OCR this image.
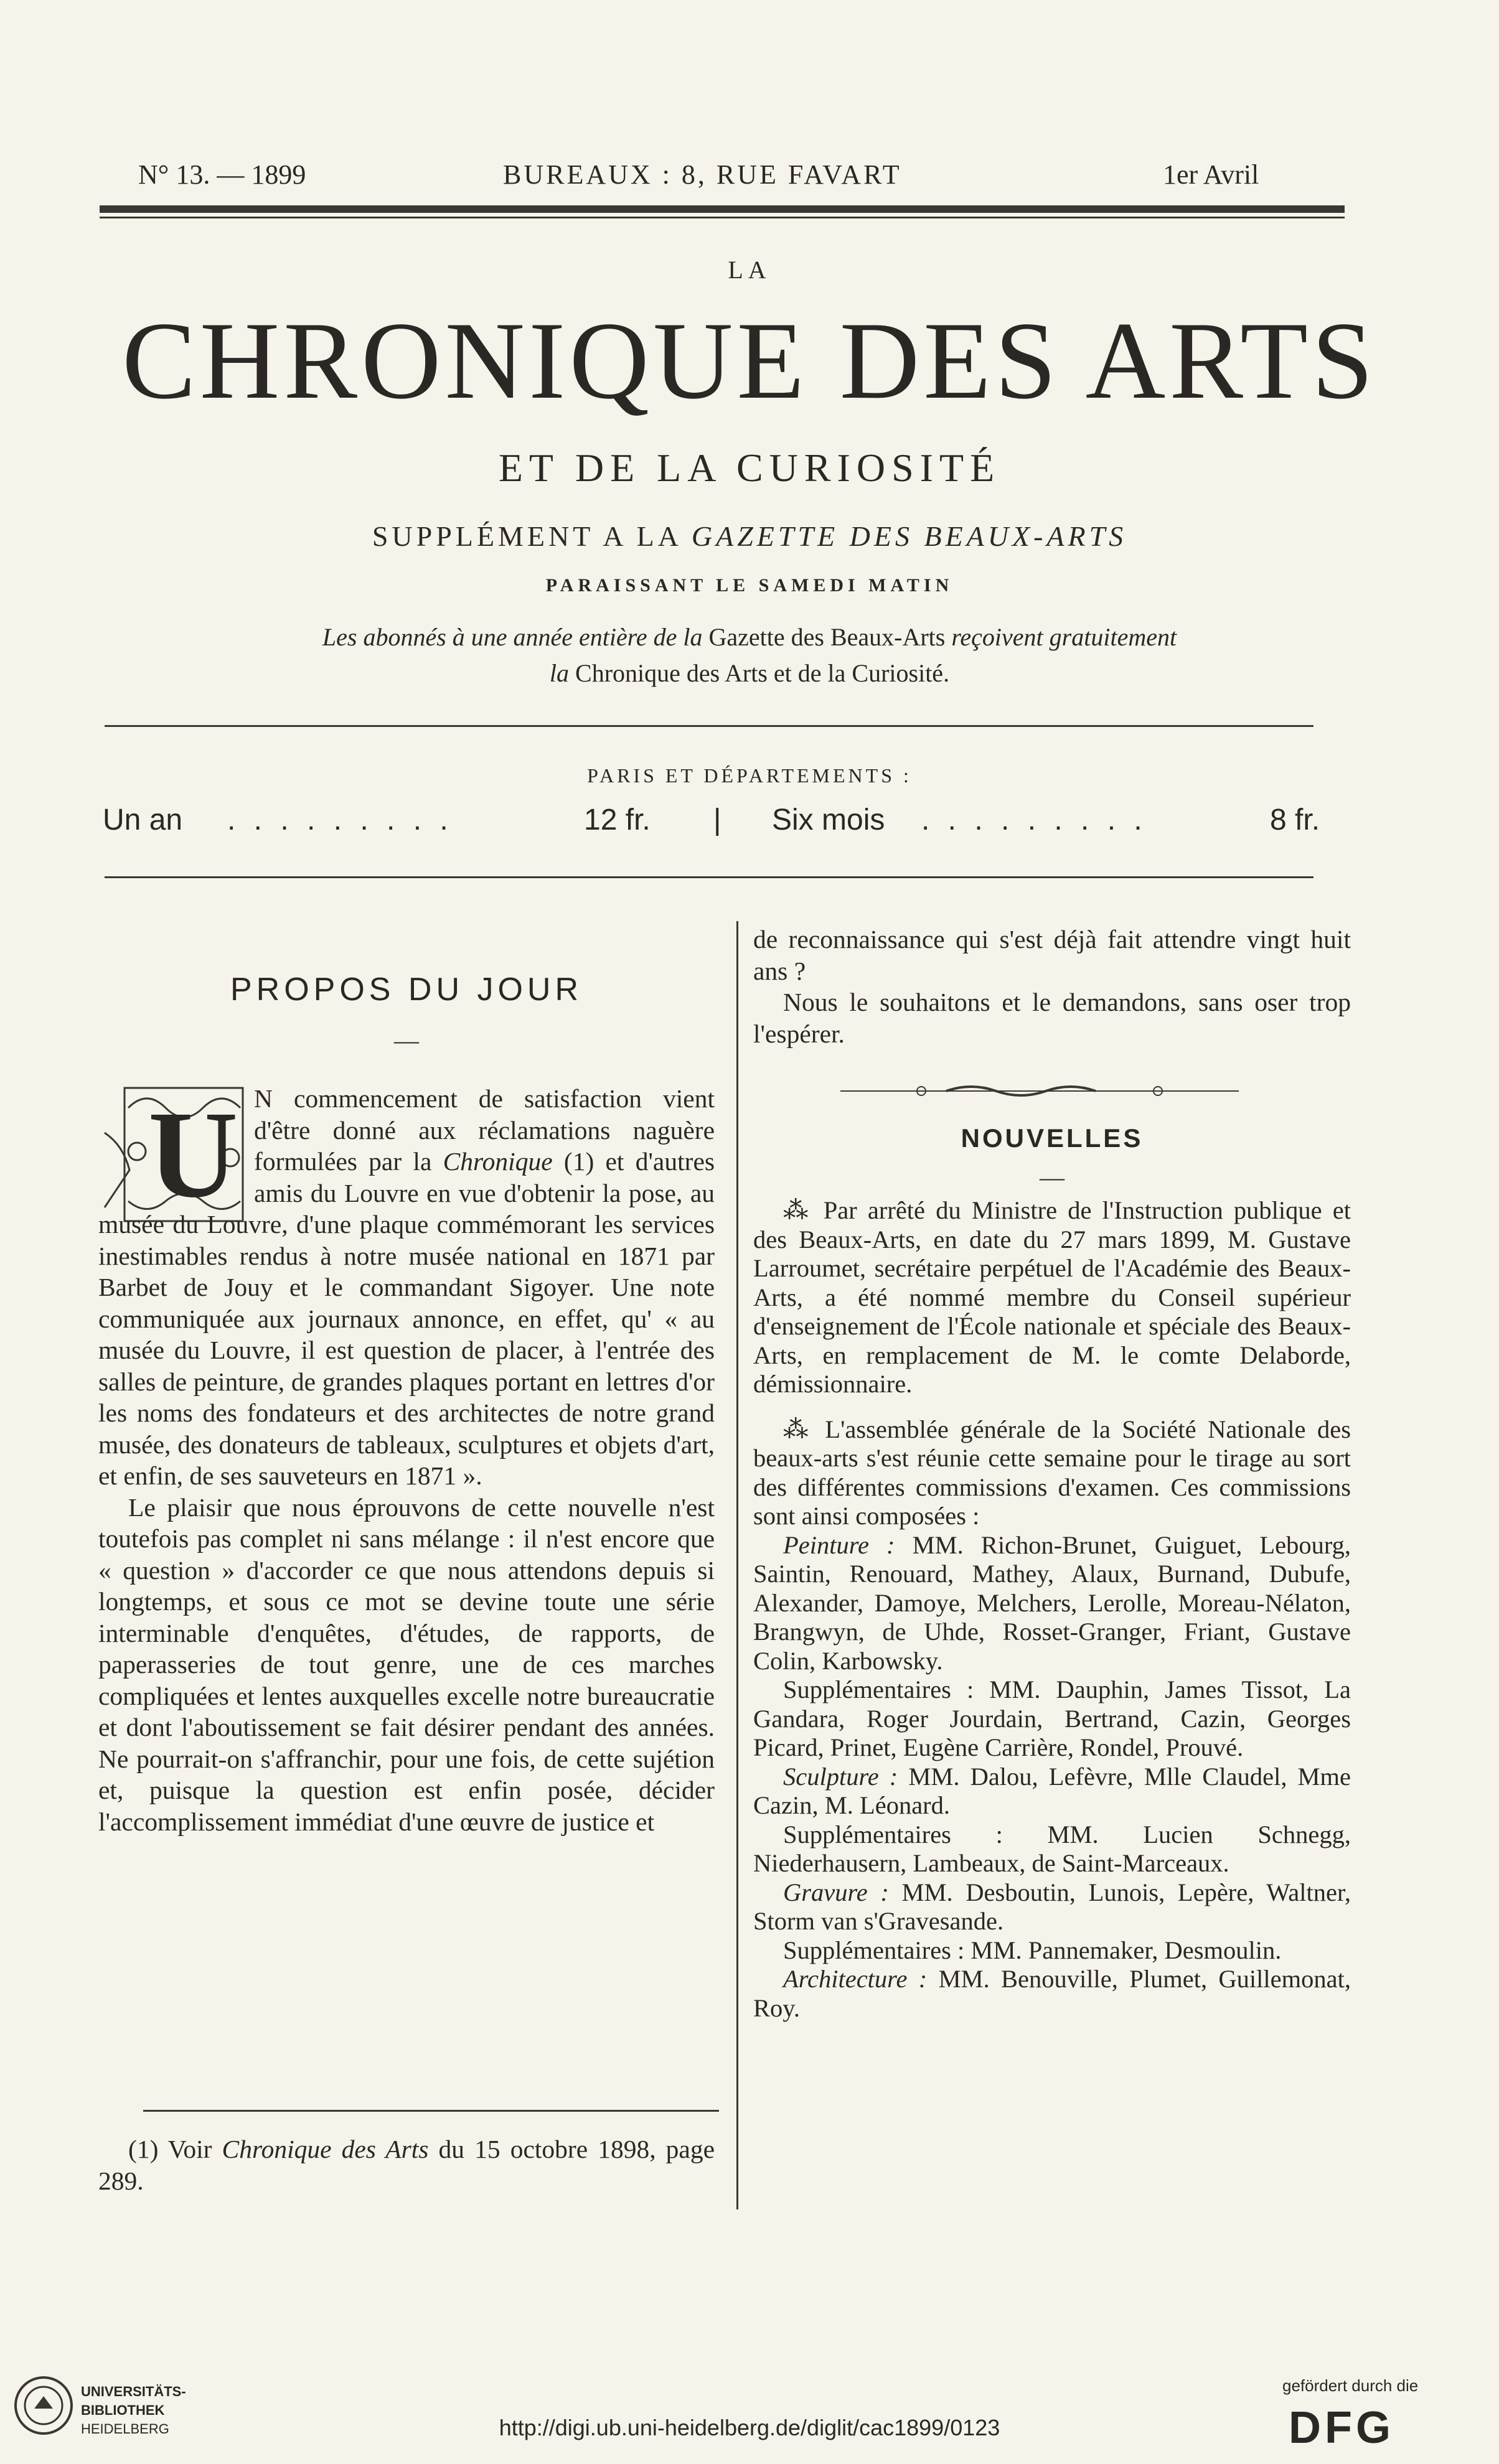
N° 13. — 1899	BUREAUX : 8, RUE FAVART	1er Avril
LA
CHRONIQUE DES ARTS
ET DE LA CURIOSITÉ
SUPPLÉMENT A LA GAZETTE DES BEAUX-ARTS
PARAISSANT LE SAMEDI MATIN
Les abonnés à une année entière de la Gazette des Beaux-Arts reçoivent gratuitement
la Chronique des Arts et de la Curiosité.
PARIS ET DÉPARTEMENTS :
Un an . . . . . . . . .	12 fr. | Six mois . . . . . . . . .	8 fr.
PROPOS DU JOUR
—
U N commencement de satisfaction vient d'être donné aux réclamations naguère formulées par la Chronique (1) et d'autres amis du Louvre en vue d'obtenir la pose, au musée du Louvre, d'une plaque commémorant les services inestimables rendus à notre musée national en 1871 par Barbet de Jouy et le commandant Sigoyer. Une note communiquée aux journaux annonce, en effet, qu' « au musée du Louvre, il est question de placer, à l'entrée des salles de peinture, de grandes plaques portant en lettres d'or les noms des fondateurs et des architectes de notre grand musée, des donateurs de tableaux, sculptures et objets d'art, et enfin, de ses sauveteurs en 1871 ».

Le plaisir que nous éprouvons de cette nouvelle n'est toutefois pas complet ni sans mélange : il n'est encore que « question » d'accorder ce que nous attendons depuis si longtemps, et sous ce mot se devine toute une série interminable d'enquêtes, d'études, de rapports, de paperasseries de tout genre, une de ces marches compliquées et lentes auxquelles excelle notre bureaucratie et dont l'aboutissement se fait désirer pendant des années. Ne pourrait-on s'affranchir, pour une fois, de cette sujétion et, puisque la question est enfin posée, décider l'accomplissement immédiat d'une œuvre de justice et

(1) Voir Chronique des Arts du 15 octobre 1898, page 289.

de reconnaissance qui s'est déjà fait attendre vingt huit ans ?

Nous le souhaitons et le demandons, sans oser trop l'espérer.

NOUVELLES
—

⁂ Par arrêté du Ministre de l'Instruction publique et des Beaux-Arts, en date du 27 mars 1899, M. Gustave Larroumet, secrétaire perpétuel de l'Académie des Beaux-Arts, a été nommé membre du Conseil supérieur d'enseignement de l'École nationale et spéciale des Beaux-Arts, en remplacement de M. le comte Delaborde, démissionnaire.

⁂ L'assemblée générale de la Société Nationale des beaux-arts s'est réunie cette semaine pour le tirage au sort des différentes commissions d'examen. Ces commissions sont ainsi composées :

Peinture : MM. Richon-Brunet, Guiguet, Lebourg, Saintin, Renouard, Mathey, Alaux, Burnand, Dubufe, Alexander, Damoye, Melchers, Lerolle, Moreau-Nélaton, Brangwyn, de Uhde, Rosset-Granger, Friant, Gustave Colin, Karbowsky.

Supplémentaires : MM. Dauphin, James Tissot, La Gandara, Roger Jourdain, Bertrand, Cazin, Georges Picard, Prinet, Eugène Carrière, Rondel, Prouvé.

Sculpture : MM. Dalou, Lefèvre, Mlle Claudel, Mme Cazin, M. Léonard.

Supplémentaires : MM. Lucien Schnegg, Niederhausern, Lambeaux, de Saint-Marceaux.

Gravure : MM. Desboutin, Lunois, Lepère, Waltner, Storm van s'Gravesande.

Supplémentaires : MM. Pannemaker, Desmoulin.

Architecture : MM. Benouville, Plumet, Guillemonat, Roy.

UNIVERSITÄTS-
BIBLIOTHEK
HEIDELBERG	http://digi.ub.uni-heidelberg.de/diglit/cac1899/0123
gefördert durch die
DFG
